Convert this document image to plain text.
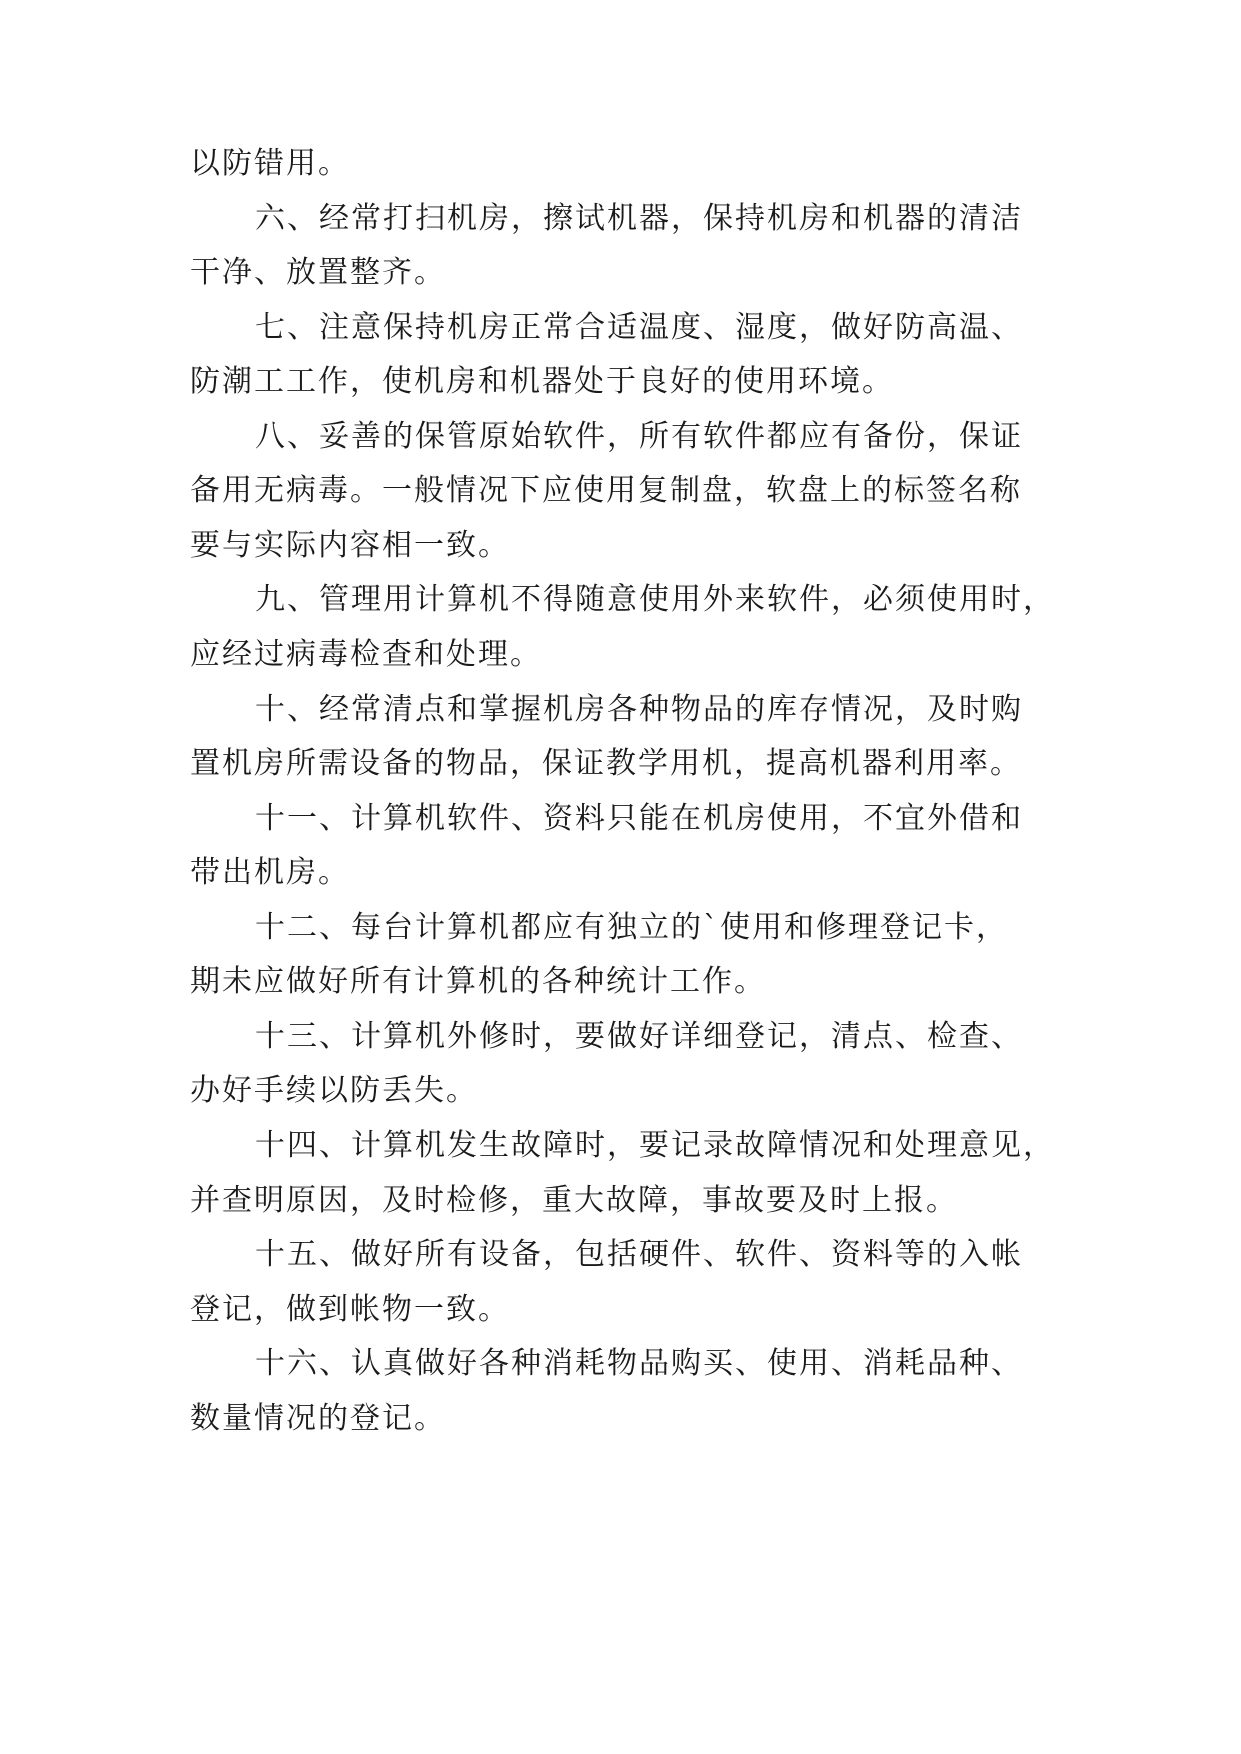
以防错用。
六、经常打扫机房，擦试机器，保持机房和机器的清洁
干净、放置整齐。
七、注意保持机房正常合适温度、湿度，做好防高温、
防潮工工作，使机房和机器处于良好的使用环境。
八、妥善的保管原始软件，所有软件都应有备份，保证
备用无病毒。一般情况下应使用复制盘，软盘上的标签名称
要与实际内容相一致。
九、管理用计算机不得随意使用外来软件，必须使用时，
应经过病毒检查和处理。
十、经常清点和掌握机房各种物品的库存情况，及时购
置机房所需设备的物品，保证教学用机，提高机器利用率。
十一、计算机软件、资料只能在机房使用，不宜外借和
带出机房。
十二、每台计算机都应有独立的`使用和修理登记卡，
期未应做好所有计算机的各种统计工作。
十三、计算机外修时，要做好详细登记，清点、检查、
办好手续以防丢失。
十四、计算机发生故障时，要记录故障情况和处理意见，
并查明原因，及时检修，重大故障，事故要及时上报。
十五、做好所有设备，包括硬件、软件、资料等的入帐
登记，做到帐物一致。
十六、认真做好各种消耗物品购买、使用、消耗品种、
数量情况的登记。
